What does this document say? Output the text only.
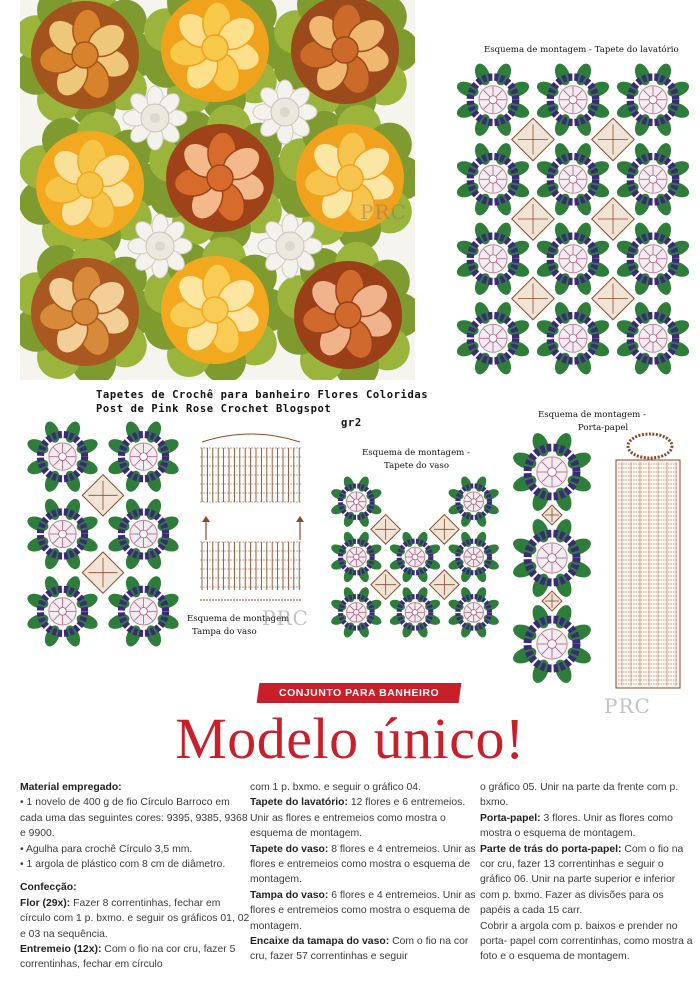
Tapetes de Crochê para banheiro Flores Coloridas
Post de Pink Rose Crochet Blogspot
gr2
Esquema de montagem - Tapete do lavatório
Esquema de montagem
Tampa do vaso
Esquema de montagem -
Tapete do vaso
Esquema de montagem -
Porta-papel
PRC
PRC
PRC
CONJUNTO PARA BANHEIRO
Modelo único!

Material empregado:

• 1 novelo de 400 g de fio Círculo Barroco em cada uma das seguintes cores: 9395, 9385, 9368 e 9900.

• Agulha para crochê Círculo 3,5 mm.

• 1 argola de plástico com 8 cm de diâmetro.

Confecção:

Flor (29x): Fazer 8 correntinhas, fechar em círculo com 1 p. bxmo. e seguir os gráficos 01, 02 e 03 na sequência.

Entremeio (12x): Com o fio na cor cru, fazer 5 correntinhas, fechar em círculo

com 1 p. bxmo. e seguir o gráfico 04.

Tapete do lavatório: 12 flores e 6 entremeios. Unir as flores e entremeios como mostra o esquema de montagem.

Tapete do vaso: 8 flores e 4 entremeios. Unir as flores e entremeios como mostra o esquema de montagem.

Tampa do vaso: 6 flores e 4 entremeios. Unir as flores e entremeios como mostra o esquema de montagem.

Encaixe da tamapa do vaso: Com o fio na cor cru, fazer 57 correntinhas e seguir

o gráfico 05. Unir na parte da frente com p. bxmo.

Porta-papel: 3 flores. Unir as flores como mostra o esquema de montagem.

Parte de trás do porta-papel: Com o fio na cor cru, fazer 13 correntinhas e seguir o gráfico 06. Unir na parte superior e inferior com p. bxmo. Fazer as divisões para os papéis a cada 15 carr.

Cobrir a argola com p. baixos e prender no porta- papel com correntinhas, como mostra a foto e o esquema de montagem.
